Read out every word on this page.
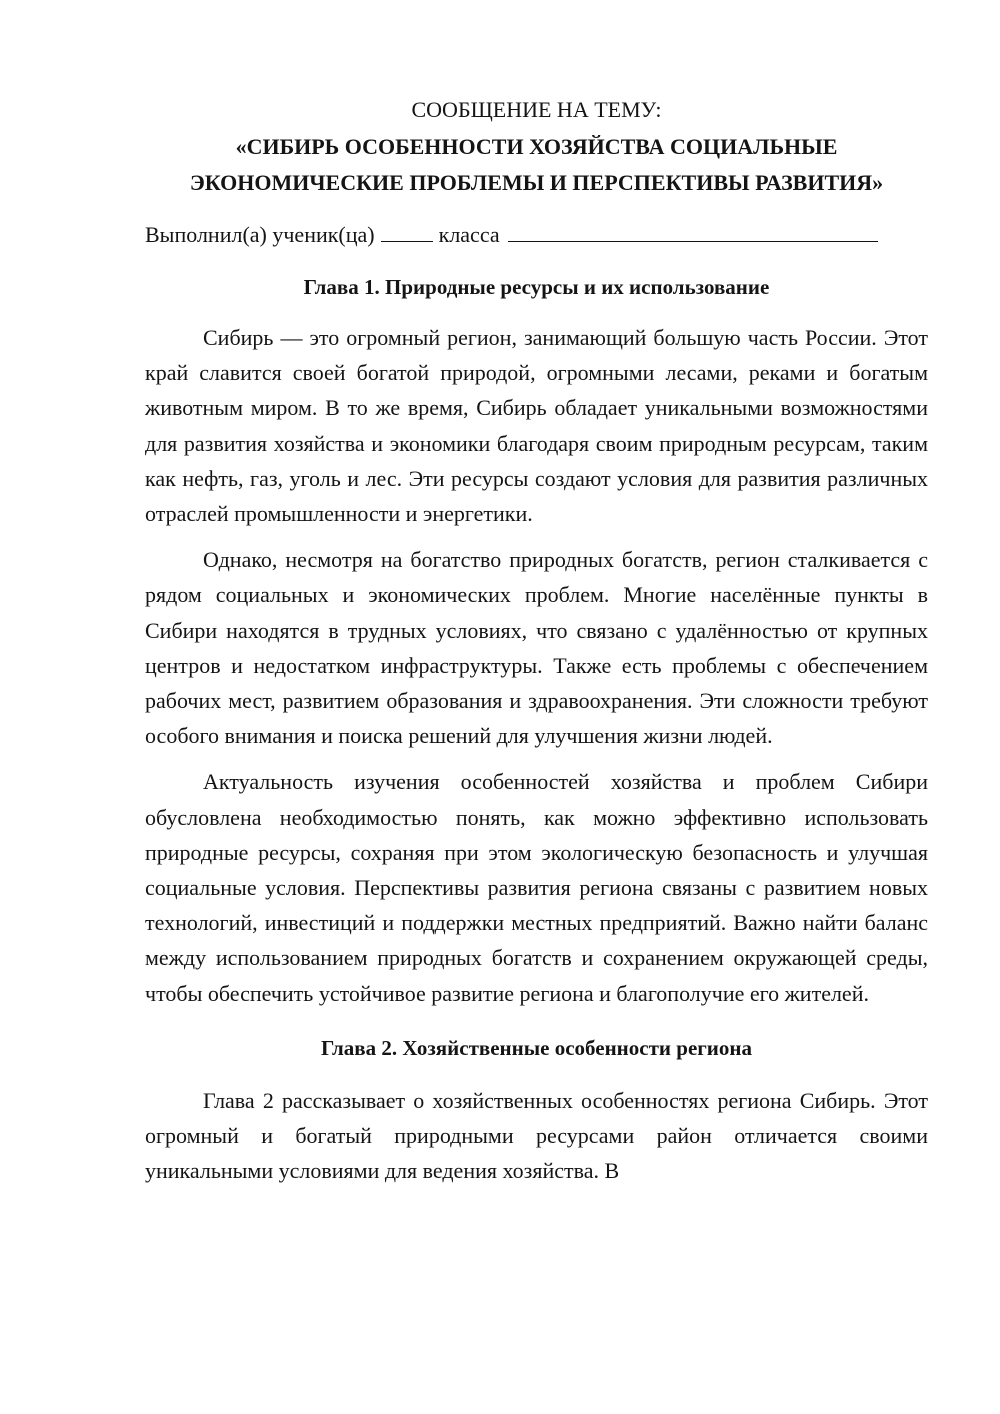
СООБЩЕНИЕ НА ТЕМУ:

«СИБИРЬ ОСОБЕННОСТИ ХОЗЯЙСТВА СОЦИАЛЬНЫЕ

ЭКОНОМИЧЕСКИЕ ПРОБЛЕМЫ И ПЕРСПЕКТИВЫ РАЗВИТИЯ»

Выполнил(а) ученик(ца)	класса

Глава 1. Природные ресурсы и их использование

Сибирь — это огромный регион, занимающий большую часть России. Этот край славится своей богатой природой, огромными лесами, реками и богатым животным миром. В то же время, Сибирь обладает уникальными возможностями для развития хозяйства и экономики благодаря своим природным ресурсам, таким как нефть, газ, уголь и лес. Эти ресурсы создают условия для развития различных отраслей промышленности и энергетики.

Однако, несмотря на богатство природных богатств, регион сталкивается с рядом социальных и экономических проблем. Многие населённые пункты в Сибири находятся в трудных условиях, что связано с удалённостью от крупных центров и недостатком инфраструктуры. Также есть проблемы с обеспечением рабочих мест, развитием образования и здравоохранения. Эти сложности требуют особого внимания и поиска решений для улучшения жизни людей.

Актуальность изучения особенностей хозяйства и проблем Сибири обусловлена необходимостью понять, как можно эффективно использовать природные ресурсы, сохраняя при этом экологическую безопасность и улучшая социальные условия. Перспективы развития региона связаны с развитием новых технологий, инвестиций и поддержки местных предприятий. Важно найти баланс между использованием природных богатств и сохранением окружающей среды, чтобы обеспечить устойчивое развитие региона и благополучие его жителей.

Глава 2. Хозяйственные особенности региона

Глава 2 рассказывает о хозяйственных особенностях региона Сибирь. Этот огромный и богатый природными ресурсами район отличается своими уникальными условиями для ведения хозяйства. В
